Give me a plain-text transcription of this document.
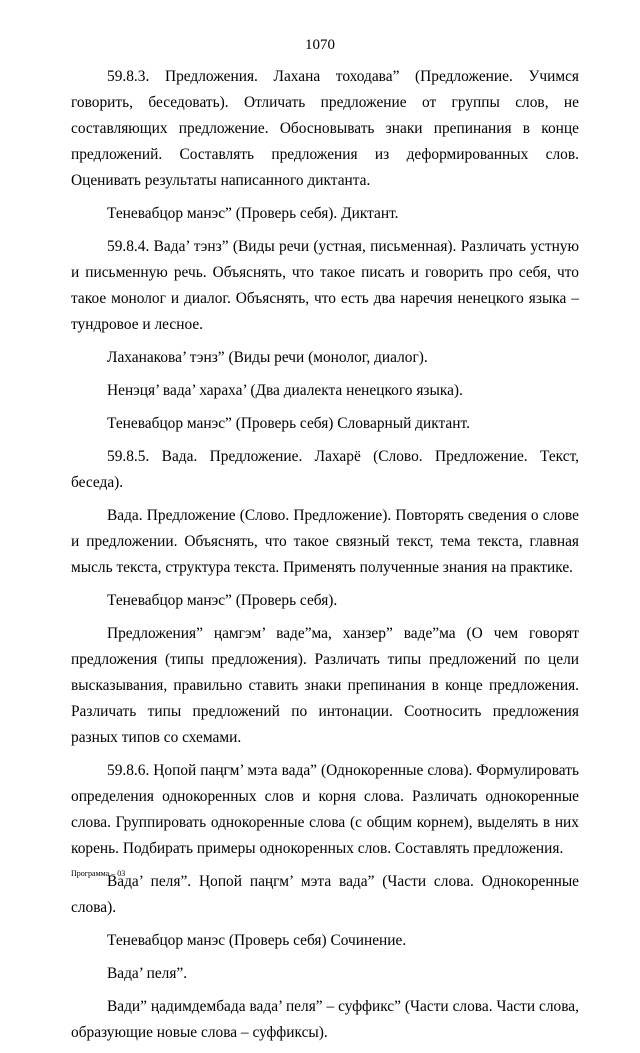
1070

59.8.3. Предложения. Лахана тоходава” (Предложение. Учимся говорить, беседовать). Отличать предложение от группы слов, не составляющих предложение. Обосновывать знаки препинания в конце предложений. Составлять предложения из деформированных слов. Оценивать результаты написанного диктанта.

Теневабцор манэс” (Проверь себя). Диктант.

59.8.4. Вада’ тэнз” (Виды речи (устная, письменная). Различать устную и письменную речь. Объяснять, что такое писать и говорить про себя, что такое монолог и диалог. Объяснять, что есть два наречия ненецкого языка – тундровое и лесное.

Лаханакова’ тэнз” (Виды речи (монолог, диалог).

Ненэця’ вада’ хараха’ (Два диалекта ненецкого языка).

Теневабцор манэс” (Проверь себя) Словарный диктант.

59.8.5. Вада. Предложение. Лахарё (Слово. Предложение. Текст, беседа).

Вада. Предложение (Слово. Предложение). Повторять сведения о слове и предложении. Объяснять, что такое связный текст, тема текста, главная мысль текста, структура текста. Применять полученные знания на практике.

Теневабцор манэс” (Проверь себя).

Предложения” ңамгэм’ ваде”ма, ханзер” ваде”ма (О чем говорят предложения (типы предложения). Различать типы предложений по цели высказывания, правильно ставить знаки препинания в конце предложения. Различать типы предложений по интонации. Соотносить предложения разных типов со схемами.

59.8.6. Ңопой паңгм’ мэта вада” (Однокоренные слова). Формулировать определения однокоренных слов и корня слова. Различать однокоренные слова. Группировать однокоренные слова (с общим корнем), выделять в них корень. Подбирать примеры однокоренных слов. Составлять предложения.

Вада’ пеля”. Ңопой паңгм’ мэта вада” (Части слова. Однокоренные слова).

Теневабцор манэс (Проверь себя) Сочинение.

Вада’ пеля”.

Вади” ңадимдембада вада’ пеля” – суффикс” (Части слова. Части слова, образующие новые слова – суффиксы).

Программа – 03
